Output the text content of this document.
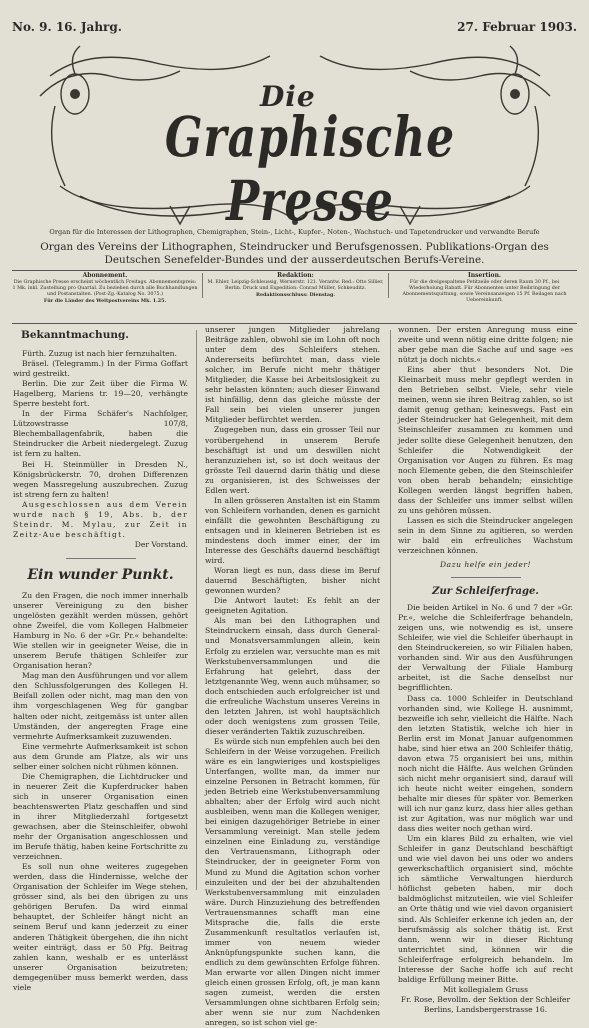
No. 9. 16. Jahrg.	27. Februar 1903.
Die
Graphische Presse
Organ für die Interessen der Lithographen, Chemigraphen, Stein-, Licht-, Kupfer-, Noten-, Wachstuch- und Tapetendrucker und verwandte Berufe
Organ des Vereins der Lithographen, Steindrucker und Berufsgenossen. Publikations-Organ des Deutschen Senefelder-Bundes und der ausserdeutschen Berufs-Vereine.
Abonnement.
Die Graphische Presse erscheint wöchentlich Freitags. Abonnementspreis: 1 Mk. inkl. Zustellung pro Quartal. Zu beziehen durch alle Buchhandlungen und Postanstalten. (Post-Zg.-Katalog No. 3075.)
Für die Länder des Weltpostvereins Mk. 1.25.
Redaktion:
M. Ehler, Leipzig-Schleussig, Wernerstr. 121. Verantw. Red.: Otto Sillier, Berlin. Druck und Expedition: Conrad Müller, Schkeuditz.
Redaktionsschluss: Dienstag.
Insertion.
Für die dreigespaltene Petitzeile oder deren Raum 30 Pf., bei Wiederholung Rabatt. Für Abonnenten unter Beibringung der Abonnementsquittung, sowie Vereinsanzeigen 15 Pf. Beilagen nach Uebereinkunft.
Bekanntmachung.

Fürth. Zuzug ist nach hier fernzuhalten.

Bräsel. (Telegramm.) In der Firma Goffart wird gestreikt.

Berlin. Die zur Zeit über die Firma W. Hagelberg, Mariens tr. 19—20, verhängte Sperre besteht fort.

In der Firma Schäfer's Nachfolger, Lützowstrasse 107/8, Blechemballagenfabrik, haben die Steindrucker die Arbeit niedergelegt. Zuzug ist fern zu halten.

Bei H. Steinmüller in Dresden N., Königsbrückerstr. 70, drohen Differenzen wegen Massregelung auszubrechen. Zuzug ist streng fern zu halten!

Ausgeschlossen aus dem Verein wurde nach § 19, Abs. b, der Steindr. M. Mylau, zur Zeit in Zeitz-Aue beschäftigt.

Der Vorstand.

Ein wunder Punkt.

Zu den Fragen, die noch immer innerhalb unserer Vereinigung zu den bisher ungelösten gezählt werden müssen, gehört ohne Zweifel, die vom Kollegen Halbmeier Hamburg in No. 6 der »Gr. Pr.« behandelte: Wie stellen wir in geeigneter Weise, die in unserem Berufe thätigen Schleifer zur Organisation heran?

Mag man den Ausführungen und vor allem den Schlussfolgerungen des Kollegen H. Beifall zollen oder nicht, mag man den von ihm vorgeschlagenen Weg für gangbar halten oder nicht, zeitgemäss ist unter allen Umständen, der angeregten Frage eine vermehrte Aufmerksamkeit zuzuwenden.

Eine vermehrte Aufmerksamkeit ist schon aus dem Grunde am Platze, als wir uns selber einer solchen nicht rühmen können.

Die Chemigraphen, die Lichtdrucker und in neuerer Zeit die Kupferdrucker haben sich in unserer Organisation einen beachtenswerten Platz geschaffen und sind in ihrer Mitgliederzahl fortgesetzt gewachsen, aber die Steinschleifer, obwohl mehr der Organisation angeschlossen und im Berufe thätig, haben keine Fortschritte zu verzeichnen.

Es soll nun ohne weiteres zugegeben werden, dass die Hindernisse, welche der Organisation der Schleifer im Wege stehen, grösser sind, als bei den übrigen zu uns gehörigen Berufen. Da wird einmal behauptet, der Schleifer hängt nicht an seinem Beruf und kann jederzeit zu einer anderen Thätigkeit übergehen, die ihn nicht weiter einträgt, dass er 50 Pfg. Beitrag zahlen kann, weshalb er es unterlässt unserer Organisation beizutreten; demgegenüber muss bemerkt werden, dass viele

unserer jungen Mitglieder jahrelang Beiträge zahlen, obwohl sie im Lohn oft noch unter dem des Schleifers stehen. Andererseits befürchtet man, dass viele solcher, im Berufe nicht mehr thätiger Mitglieder, die Kasse bei Arbeitslosigkeit zu sehr belasten könnten; auch dieser Einwand ist hinfällig, denn das gleiche müsste der Fall sein bei vielen unserer jungen Mitglieder befürchtet werden.

Zugegeben nun, dass ein grosser Teil nur vorübergehend in unserem Berufe beschäftigt ist und um deswillen nicht heranzuziehen ist, so ist doch weitaus der grösste Teil dauernd darin thätig und diese zu organisieren, ist des Schweisses der Edlen wert.

In allen grösseren Anstalten ist ein Stamm von Schleifern vorhanden, denen es garnicht einfällt die gewohnten Beschäftigung zu entsagen und in kleineren Betrieben ist es mindestens doch immer einer, der im Interesse des Geschäfts dauernd beschäftigt wird.

Woran liegt es nun, dass diese im Beruf dauernd Beschäftigten, bisher nicht gewonnen wurden?

Die Antwort lautet: Es fehlt an der geeigneten Agitation.

Als man bei den Lithographen und Steindruckern einsah, dass durch General- und Monatsversammlungen allein, kein Erfolg zu erzielen war, versuchte man es mit Werkstubenversammlungen und die Erfahrung hat gelehrt, dass der letztgenannte Weg, wenn auch mühsamer, so doch entschieden auch erfolgreicher ist und die erfreuliche Wachstum unseres Vereins in den letzten Jahren, ist wohl hauptsächlich oder doch wenigstens zum grossen Teile, dieser veränderten Taktik zuzuschreiben.

Es würde sich nun empfehlen auch bei den Schleifern in der Weise vorzugehen. Freilich wäre es ein langwieriges und kostspieliges Unterfangen, wollte man, da immer nur einzelne Personen in Betracht kommen, für jeden Betrieb eine Werkstubenversammlung abhalten; aber der Erfolg wird auch nicht ausbleiben, wenn man die Kollegen weniger, bei einigen dazugehöriger Betriebe in einer Versammlung vereinigt. Man stelle jedem einzelnen eine Einladung zu, verständige den Vertrauensmann, Lithograph oder Steindrucker, der in geeigneter Form von Mund zu Mund die Agitation schon vorher einzuleiten und der bei der abzuhaltenden Werkstubenversammlung mit einzuladen wäre. Durch Hinzuziehung des betreffenden Vertrauensmannes schafft man eine Mitsprache die, falls die erste Zusammenkunft resultatlos verlaufen ist, immer von neuem wieder Anknüpfungspunkte suchen kann, die endlich zu dem gewünschten Erfolge führen. Man erwarte vor allen Dingen nicht immer gleich einen grossen Erfolg, oft, je man kann sagen zumeist, werden die ersten Versammlungen ohne sichtbaren Erfolg sein; aber wenn sie nur zum Nachdenken anregen, so ist schon viel ge-

wonnen. Der ersten Anregung muss eine zweite und wenn nötig eine dritte folgen; nie aber gebe man die Sache auf und sage »es nützt ja doch nichts.«

Eins aber thut besonders Not. Die Kleinarbeit muss mehr gepflegt werden in den Betrieben selbst. Viele, sehr viele meinen, wenn sie ihren Beitrag zahlen, so ist damit genug gethan; keineswegs. Fast ein jeder Steindrucker hat Gelegenheit, mit dem Steinschleifer zusammen zu kommen und jeder sollte diese Gelegenheit benutzen, den Schleifer die Notwendigkeit der Organisation vor Augen zu führen. Es mag noch Elemente geben, die den Steinschleifer von oben herab behandeln; einsichtige Kollegen werden längst begriffen haben, dass der Schleifer uns immer selbst willen zu uns gehören müssen.

Lassen es sich die Steindrucker angelegen sein in dem Sinne zu agitieren, so werden wir bald ein erfreuliches Wachstum verzeichnen können.

Dazu helfe ein jeder!
Zur Schleiferfrage.

Die beiden Artikel in No. 6 und 7 der »Gr. Pr.«, welche die Schleiferfrage behandeln, zeigen uns, wie notwendig es ist, unsere Schleifer, wie viel die Schleifer überhaupt in den Steindruckereien, so wir Filialen haben, vorhanden sind. Wir aus den Ausführungen der Verwaltung der Filiale Hamburg arbeitet, ist die Sache denselbst nur begrifflichten.

Dass ca. 1000 Schleifer in Deutschland vorhanden sind, wie Kollege H. ausnimmt, bezweifle ich sehr, vielleicht die Hälfte. Nach den letzten Statistik, welche ich hier in Berlin erst im Monat Januar aufgenommen habe, sind hier etwa an 200 Schleifer thätig, davon etwa 75 organisiert bei uns, mithin noch nicht die Hälfte. Aus welchen Gründen sich nicht mehr organisiert sind, darauf will ich heute nicht weiter eingehen, sondern behalte mir dieses für später vor. Bemerken will ich nur ganz kurz, dass hier alles gethan ist zur Agitation, was nur möglich war und dass dies weiter noch gethan wird.

Um ein klares Bild zu erhalten, wie viel Schleifer in ganz Deutschland beschäftigt und wie viel davon bei uns oder wo anders gewerkschaftlich organisiert sind, möchte ich sämtliche Verwaltungen hierdurch höflichst gebeten haben, mir doch baldmöglichst mitzuteilen, wie viel Schleifer an Orte thätig und wie viel davon organisiert sind. Als Schleifer erkenne ich jeden an, der berufsmässig als solcher thätig ist. Erst dann, wenn wir in dieser Richtung unterrichtet sind, können wir die Schleiferfrage erfolgreich behandeln. Im Interesse der Sache hoffe ich auf recht baldige Erfüllung meiner Bitte.

Mit kollegialem Gruss

Fr. Rose, Bevollm. der Sektion der Schleifer Berlins, Landsbergerstrasse 16.
